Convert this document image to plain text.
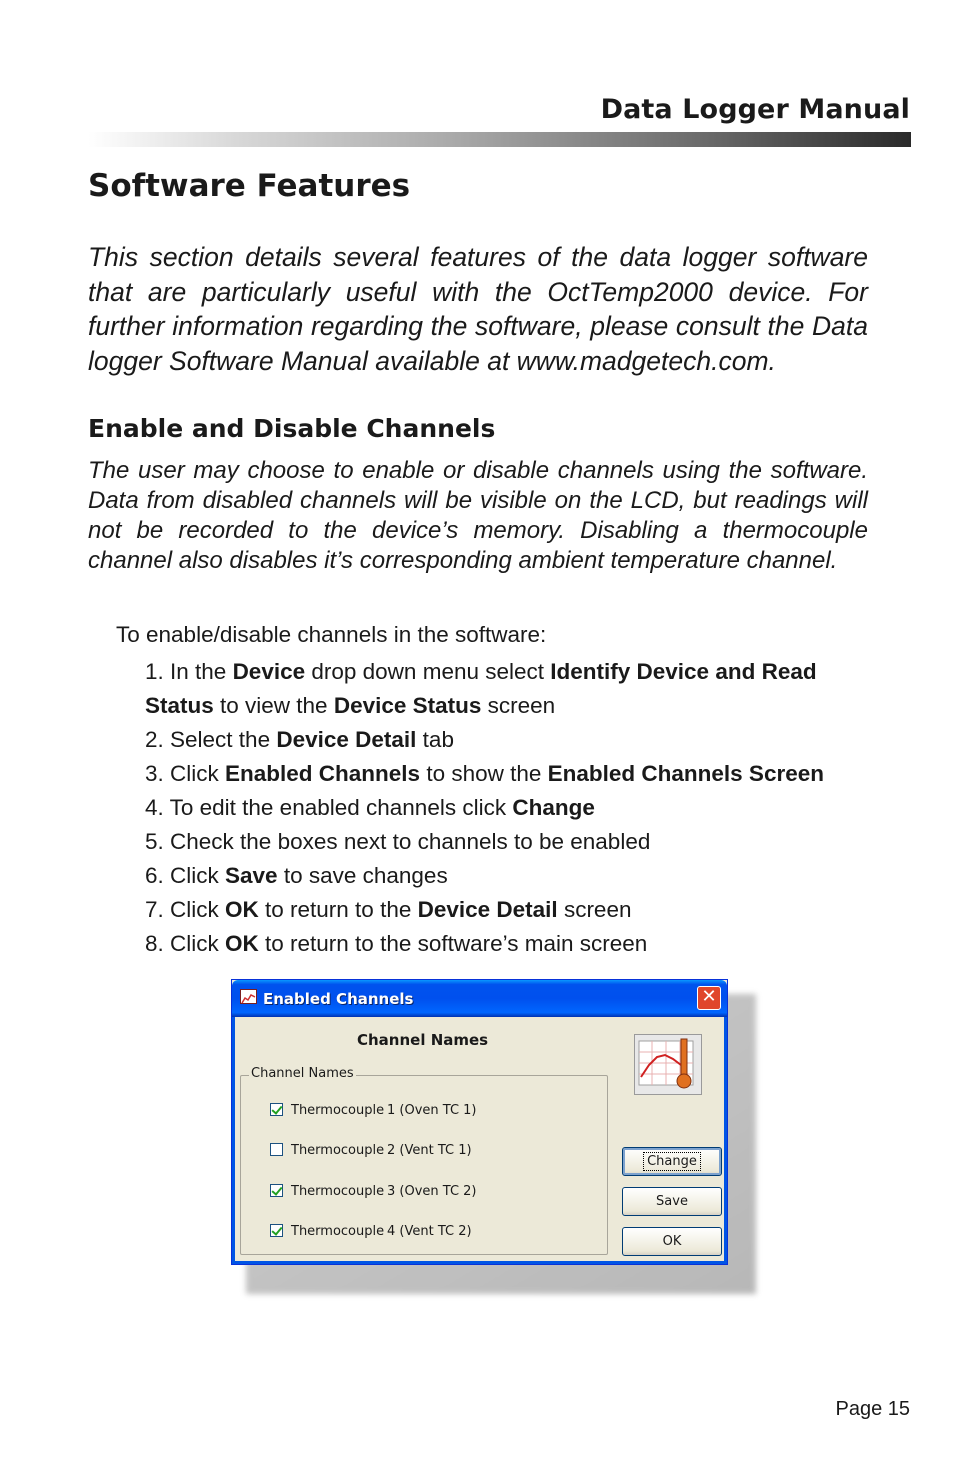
Data Logger Manual
Software Features
This section details several features of the data logger software that are particularly useful with the OctTemp2000 device. For further information regarding the software, please consult the Data logger Software Manual available at www.madgetech.com.
Enable and Disable Channels
The user may choose to enable or disable channels using the software. Data from disabled channels will be visible on the LCD, but readings will not be recorded to the device’s memory. Disabling a thermocouple channel also disables it’s corresponding ambient temperature channel.
To enable/disable channels in the software:
1. In the Device drop down menu select Identify Device and Read Status to view the Device Status screen
2. Select the Device Detail tab
3. Click Enabled Channels to show the Enabled Channels Screen
4. To edit the enabled channels click Change
5. Check the boxes next to channels to be enabled
6. Click Save to save changes
7. Click OK to return to the Device Detail screen
8. Click OK to return to the software’s main screen
Enabled Channels	✕
Channel Names
Channel Names
Thermocouple 1 (Oven TC 1)
Thermocouple 2 (Vent TC 1)
Thermocouple 3 (Oven TC 2)
Thermocouple 4 (Vent TC 2)
Change
Save
OK
Page 15
